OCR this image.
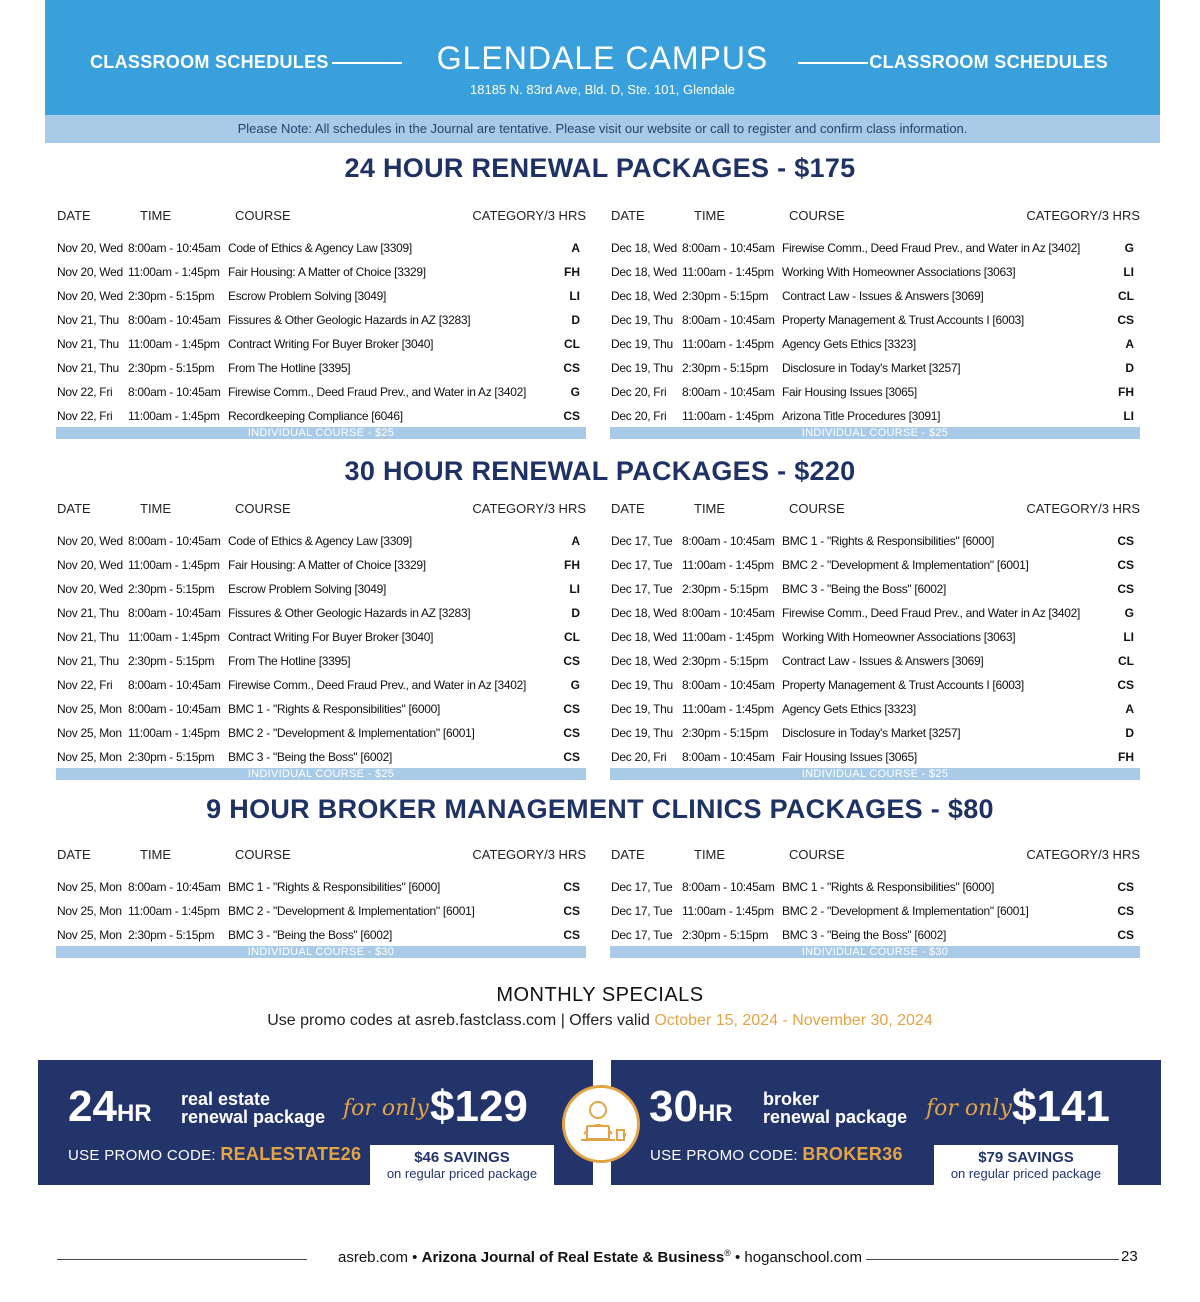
CLASSROOM SCHEDULES	GLENDALE CAMPUS	CLASSROOM SCHEDULES
18185 N. 83rd Ave, Bld. D, Ste. 101, Glendale
Please Note: All schedules in the Journal are tentative. Please visit our website or call to register and confirm class information.
24 HOUR RENEWAL PACKAGES - $175
DATE	TIME	COURSE	CATEGORY/3 HRS
Nov 20, Wed 8:00am - 10:45am Code of Ethics & Agency Law [3309]	A
Nov 20, Wed 11:00am - 1:45pm Fair Housing: A Matter of Choice [3329]	FH
Nov 20, Wed 2:30pm - 5:15pm Escrow Problem Solving [3049]	LI
Nov 21, Thu 8:00am - 10:45am Fissures & Other Geologic Hazards in AZ [3283]	D
Nov 21, Thu 11:00am - 1:45pm Contract Writing For Buyer Broker [3040]	CL
Nov 21, Thu 2:30pm - 5:15pm From The Hotline [3395]	CS
Nov 22, Fri 8:00am - 10:45am Firewise Comm., Deed Fraud Prev., and Water in Az [3402]	G
Nov 22, Fri 11:00am - 1:45pm Recordkeeping Compliance [6046]	CS
INDIVIDUAL COURSE - $25
DATE	TIME	COURSE	CATEGORY/3 HRS
Dec 18, Wed 8:00am - 10:45am Firewise Comm., Deed Fraud Prev., and Water in Az [3402]	G
Dec 18, Wed 11:00am - 1:45pm Working With Homeowner Associations [3063]	LI
Dec 18, Wed 2:30pm - 5:15pm Contract Law - Issues & Answers [3069]	CL
Dec 19, Thu 8:00am - 10:45am Property Management & Trust Accounts I [6003]	CS
Dec 19, Thu 11:00am - 1:45pm Agency Gets Ethics [3323]	A
Dec 19, Thu 2:30pm - 5:15pm Disclosure in Today's Market [3257]	D
Dec 20, Fri 8:00am - 10:45am Fair Housing Issues [3065]	FH
Dec 20, Fri 11:00am - 1:45pm Arizona Title Procedures [3091]	LI
INDIVIDUAL COURSE - $25
30 HOUR RENEWAL PACKAGES - $220
DATE	TIME	COURSE	CATEGORY/3 HRS
Nov 20, Wed 8:00am - 10:45am Code of Ethics & Agency Law [3309]	A
Nov 20, Wed 11:00am - 1:45pm Fair Housing: A Matter of Choice [3329]	FH
Nov 20, Wed 2:30pm - 5:15pm Escrow Problem Solving [3049]	LI
Nov 21, Thu 8:00am - 10:45am Fissures & Other Geologic Hazards in AZ [3283]	D
Nov 21, Thu 11:00am - 1:45pm Contract Writing For Buyer Broker [3040]	CL
Nov 21, Thu 2:30pm - 5:15pm From The Hotline [3395]	CS
Nov 22, Fri 8:00am - 10:45am Firewise Comm., Deed Fraud Prev., and Water in Az [3402]	G
Nov 25, Mon 8:00am - 10:45am BMC 1 - "Rights & Responsibilities" [6000]	CS
Nov 25, Mon 11:00am - 1:45pm BMC 2 - "Development & Implementation" [6001]	CS
Nov 25, Mon 2:30pm - 5:15pm BMC 3 - "Being the Boss" [6002]	CS
INDIVIDUAL COURSE - $25
DATE	TIME	COURSE	CATEGORY/3 HRS
Dec 17, Tue 8:00am - 10:45am BMC 1 - "Rights & Responsibilities" [6000]	CS
Dec 17, Tue 11:00am - 1:45pm BMC 2 - "Development & Implementation" [6001]	CS
Dec 17, Tue 2:30pm - 5:15pm BMC 3 - "Being the Boss" [6002]	CS
Dec 18, Wed 8:00am - 10:45am Firewise Comm., Deed Fraud Prev., and Water in Az [3402]	G
Dec 18, Wed 11:00am - 1:45pm Working With Homeowner Associations [3063]	LI
Dec 18, Wed 2:30pm - 5:15pm Contract Law - Issues & Answers [3069]	CL
Dec 19, Thu 8:00am - 10:45am Property Management & Trust Accounts I [6003]	CS
Dec 19, Thu 11:00am - 1:45pm Agency Gets Ethics [3323]	A
Dec 19, Thu 2:30pm - 5:15pm Disclosure in Today's Market [3257]	D
Dec 20, Fri 8:00am - 10:45am Fair Housing Issues [3065]	FH
INDIVIDUAL COURSE - $25
9 HOUR BROKER MANAGEMENT CLINICS PACKAGES - $80
DATE	TIME	COURSE	CATEGORY/3 HRS
Nov 25, Mon 8:00am - 10:45am BMC 1 - "Rights & Responsibilities" [6000]	CS
Nov 25, Mon 11:00am - 1:45pm BMC 2 - "Development & Implementation" [6001]	CS
Nov 25, Mon 2:30pm - 5:15pm BMC 3 - "Being the Boss" [6002]	CS
INDIVIDUAL COURSE - $30
DATE	TIME	COURSE	CATEGORY/3 HRS
Dec 17, Tue 8:00am - 10:45am BMC 1 - "Rights & Responsibilities" [6000]	CS
Dec 17, Tue 11:00am - 1:45pm BMC 2 - "Development & Implementation" [6001]	CS
Dec 17, Tue 2:30pm - 5:15pm BMC 3 - "Being the Boss" [6002]	CS
INDIVIDUAL COURSE - $30
MONTHLY SPECIALS
Use promo codes at asreb.fastclass.com | Offers valid October 15, 2024 - November 30, 2024
24HR
real estate
renewal package for only $129
USE PROMO CODE: REALESTATE26	$46 SAVINGS
on regular priced package
30HR
broker
renewal package for only $141
USE PROMO CODE: BROKER36	$79 SAVINGS
on regular priced package
asreb.com • Arizona Journal of Real Estate & Business® • hoganschool.com	23
